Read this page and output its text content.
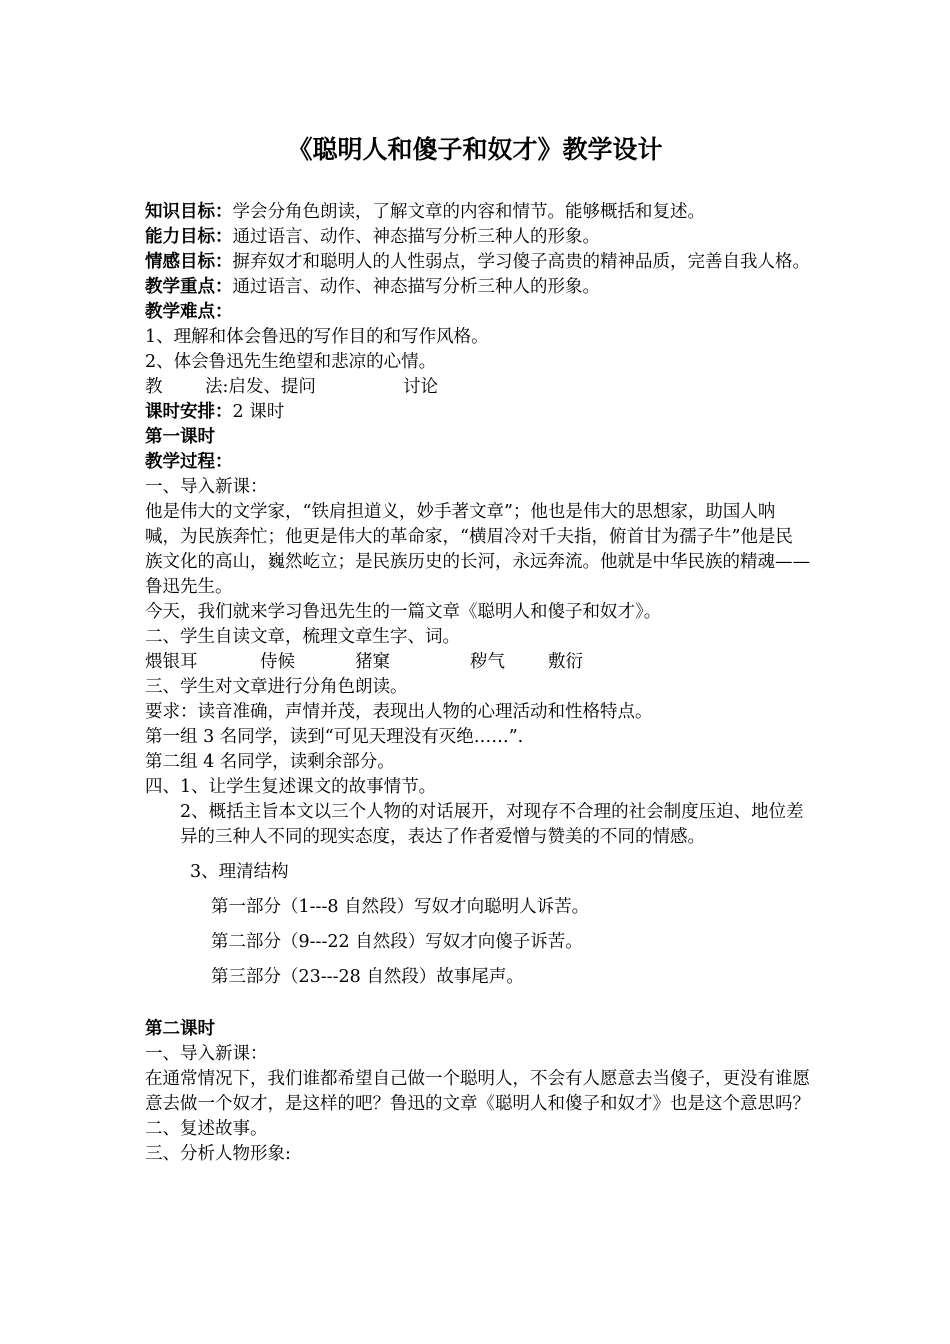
《聪明人和傻子和奴才》教学设计

知识目标：学会分角色朗读，了解文章的内容和情节。能够概括和复述。

能力目标：通过语言、动作、神态描写分析三种人的形象。

情感目标：摒弃奴才和聪明人的人性弱点，学习傻子高贵的精神品质，完善自我人格。

教学重点：通过语言、动作、神态描写分析三种人的形象。

教学难点：

1、理解和体会鲁迅的写作目的和写作风格。

2、体会鲁迅先生绝望和悲凉的心情。

教 法:启发、提问	讨论

课时安排：2 课时

第一课时

教学过程：

一、导入新课：

他是伟大的文学家，“铁肩担道义，妙手著文章”；他也是伟大的思想家，助国人呐喊，为民族奔忙；他更是伟大的革命家，“横眉冷对千夫指，俯首甘为孺子牛”他是民族文化的高山，巍然屹立；是民族历史的长河，永远奔流。他就是中华民族的精魂——鲁迅先生。

今天，我们就来学习鲁迅先生的一篇文章《聪明人和傻子和奴才》。

二、学生自读文章，梳理文章生字、词。

煨银耳	侍候	猪窠	秽气 敷衍

三、学生对文章进行分角色朗读。

要求：读音准确，声情并茂，表现出人物的心理活动和性格特点。

第一组 3 名同学，读到“可见天理没有灭绝……”.

第二组 4 名同学，读剩余部分。

四、1、让学生复述课文的故事情节。

2、概括主旨本文以三个人物的对话展开，对现存不合理的社会制度压迫、地位差异的三种人不同的现实态度，表达了作者爱憎与赞美的不同的情感。

3、理清结构

第一部分（1---8 自然段）写奴才向聪明人诉苦。

第二部分（9---22 自然段）写奴才向傻子诉苦。

第三部分（23---28 自然段）故事尾声。

第二课时

一、导入新课：

在通常情况下，我们谁都希望自己做一个聪明人，不会有人愿意去当傻子，更没有谁愿意去做一个奴才，是这样的吧？鲁迅的文章《聪明人和傻子和奴才》也是这个意思吗？

二、复述故事。

三、分析人物形象:
